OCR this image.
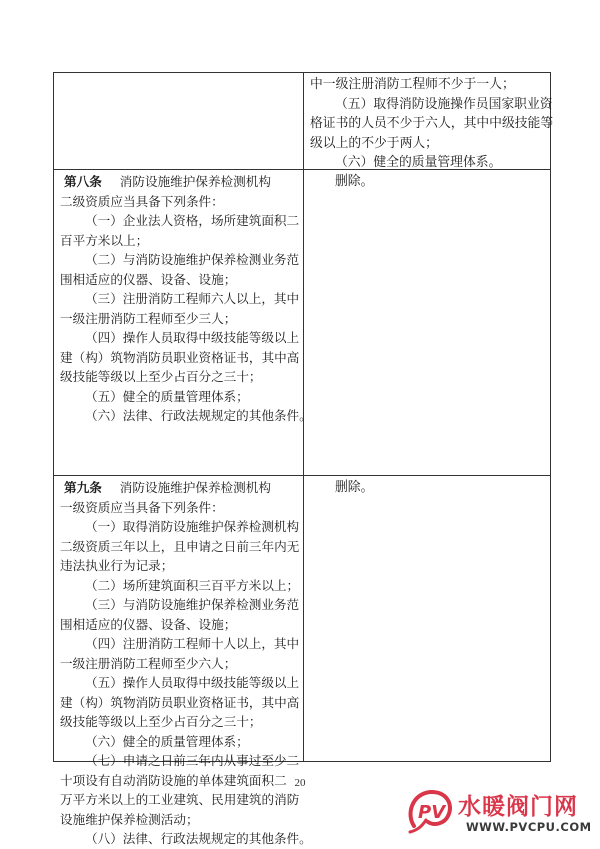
中一级注册消防工程师不少于一人；
（五）取得消防设施操作员国家职业资
格证书的人员不少于六人，其中中级技能等
级以上的不少于两人；
（六）健全的质量管理体系。
第八条 消防设施维护保养检测机构
二级资质应当具备下列条件：
（一）企业法人资格，场所建筑面积二
百平方米以上；
（二）与消防设施维护保养检测业务范
围相适应的仪器、设备、设施；
（三）注册消防工程师六人以上，其中
一级注册消防工程师至少三人；
（四）操作人员取得中级技能等级以上
建（构）筑物消防员职业资格证书，其中高
级技能等级以上至少占百分之三十；
（五）健全的质量管理体系；
（六）法律、行政法规规定的其他条件。
删除。
第九条 消防设施维护保养检测机构
一级资质应当具备下列条件：
（一）取得消防设施维护保养检测机构
二级资质三年以上，且申请之日前三年内无
违法执业行为记录；
（二）场所建筑面积三百平方米以上；
（三）与消防设施维护保养检测业务范
围相适应的仪器、设备、设施；
（四）注册消防工程师十人以上，其中
一级注册消防工程师至少六人；
（五）操作人员取得中级技能等级以上
建（构）筑物消防员职业资格证书，其中高
级技能等级以上至少占百分之三十；
（六）健全的质量管理体系；
（七）申请之日前三年内从事过至少二
十项设有自动消防设施的单体建筑面积二
万平方米以上的工业建筑、民用建筑的消防
设施维护保养检测活动；
（八）法律、行政法规规定的其他条件。
删除。
20
PV 水暖阀门网
WWW.PVCPU.COM
